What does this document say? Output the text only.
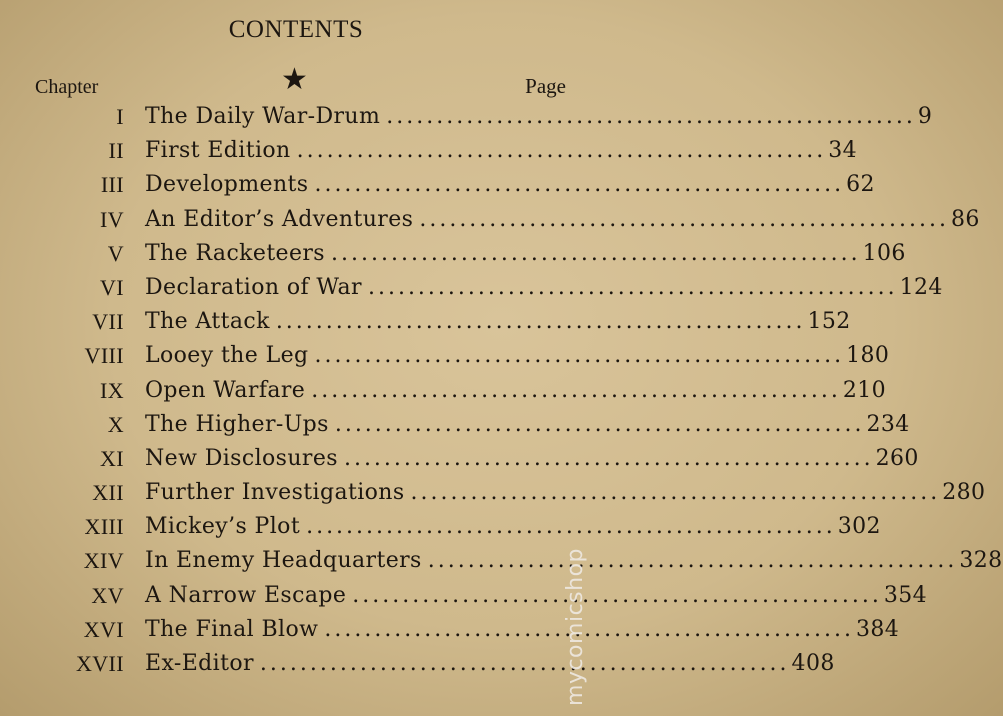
CONTENTS
Chapter	★	Page
I The Daily War-Drum ..................................................... 9
II First Edition ..................................................... 34
III Developments ..................................................... 62
IV An Editor’s Adventures ..................................................... 86
V The Racketeers ..................................................... 106
VI Declaration of War ..................................................... 124
VII The Attack ..................................................... 152
VIII Looey the Leg ..................................................... 180
IX Open Warfare ..................................................... 210
X The Higher-Ups ..................................................... 234
XI New Disclosures ..................................................... 260
XII Further Investigations ..................................................... 280
XIII Mickey’s Plot ..................................................... 302
XIV In Enemy Headquarters ..................................................... 328
XV A Narrow Escape ..................................................... 354
XVI The Final Blow ..................................................... 384
XVII Ex-Editor ..................................................... 408
mycomicshop
